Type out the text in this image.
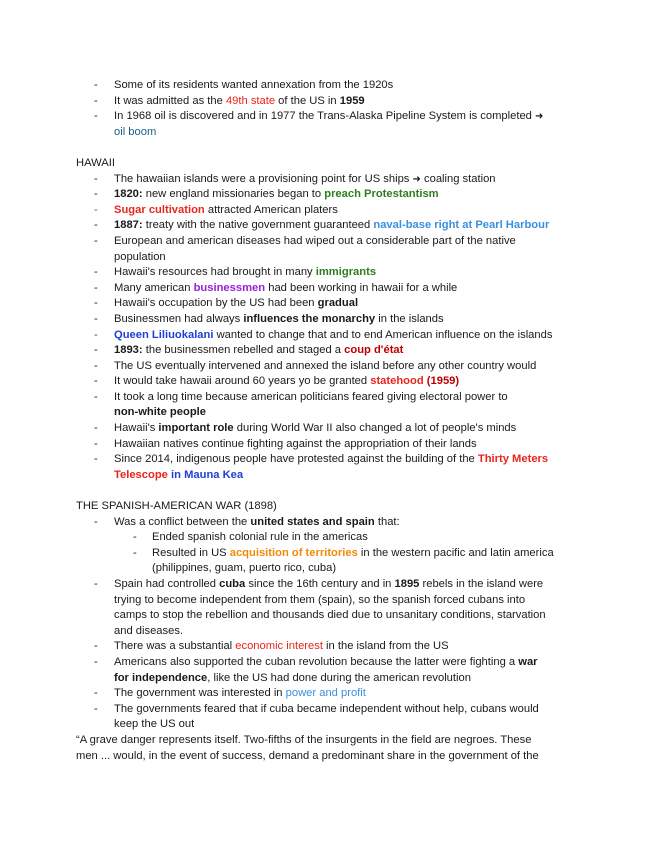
- Some of its residents wanted annexation from the 1920s
- It was admitted as the 49th state of the US in 1959
- In 1968 oil is discovered and in 1977 the Trans-Alaska Pipeline System is completed ➜
oil boom
HAWAII
- The hawaiian islands were a provisioning point for US ships ➜ coaling station
- 1820: new england missionaries began to preach Protestantism
- Sugar cultivation attracted American platers
- 1887: treaty with the native government guaranteed naval-base right at Pearl Harbour
- European and american diseases had wiped out a considerable part of the native
population
- Hawaii's resources had brought in many immigrants
- Many american businessmen had been working in hawaii for a while
- Hawaii's occupation by the US had been gradual
- Businessmen had always influences the monarchy in the islands
- Queen Liliuokalani wanted to change that and to end American influence on the islands
- 1893: the businessmen rebelled and staged a coup d'état
- The US eventually intervened and annexed the island before any other country would
- It would take hawaii around 60 years yo be granted statehood (1959)
- It took a long time because american politicians feared giving electoral power to
non-white people
- Hawaii's important role during World War II also changed a lot of people's minds
- Hawaiian natives continue fighting against the appropriation of their lands
- Since 2014, indigenous people have protested against the building of the Thirty Meters
Telescope in Mauna Kea
THE SPANISH-AMERICAN WAR (1898)
- Was a conflict between the united states and spain that:
- Ended spanish colonial rule in the americas
- Resulted in US acquisition of territories in the western pacific and latin america
(philippines, guam, puerto rico, cuba)
- Spain had controlled cuba since the 16th century and in 1895 rebels in the island were
trying to become independent from them (spain), so the spanish forced cubans into
camps to stop the rebellion and thousands died due to unsanitary conditions, starvation
and diseases.
- There was a substantial economic interest in the island from the US
- Americans also supported the cuban revolution because the latter were fighting a war
for independence, like the US had done during the american revolution
- The government was interested in power and profit
- The governments feared that if cuba became independent without help, cubans would
keep the US out
“A grave danger represents itself. Two-fifths of the insurgents in the field are negroes. These
men ... would, in the event of success, demand a predominant share in the government of the
